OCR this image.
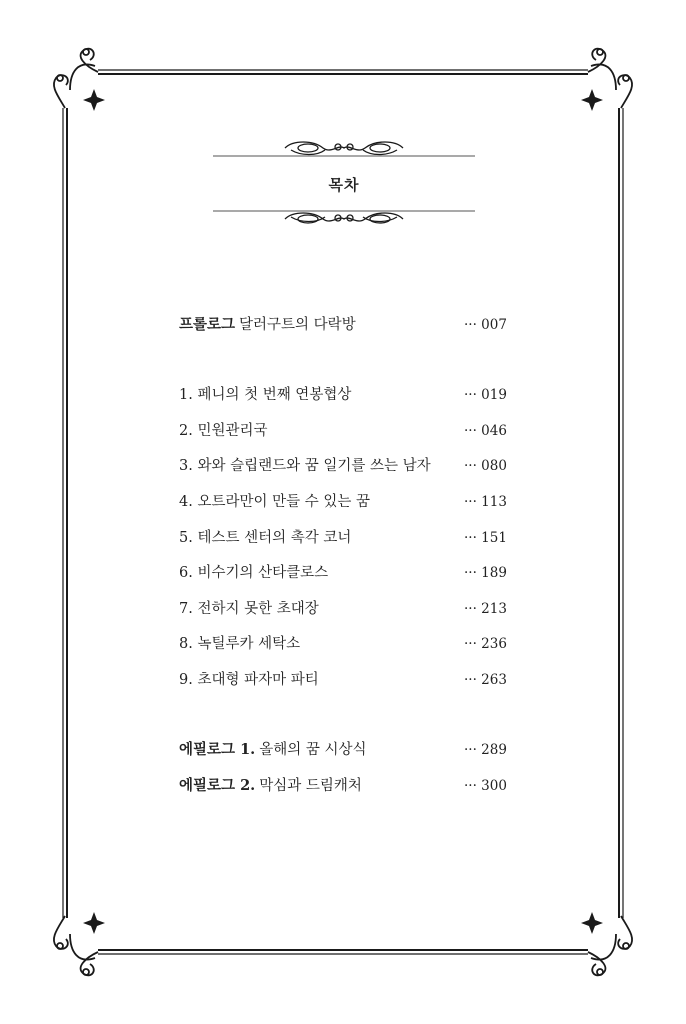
목차
프롤로그 달러구트의 다락방	··· 007
1. 페니의 첫 번째 연봉협상	··· 019
2. 민원관리국	··· 046
3. 와와 슬립랜드와 꿈 일기를 쓰는 남자 ··· 080
4. 오트라만이 만들 수 있는 꿈	··· 113
5. 테스트 센터의 촉각 코너	··· 151
6. 비수기의 산타클로스	··· 189
7. 전하지 못한 초대장	··· 213
8. 녹틸루카 세탁소	··· 236
9. 초대형 파자마 파티	··· 263
에필로그 1. 올해의 꿈 시상식	··· 289
에필로그 2. 막심과 드림캐처	··· 300
